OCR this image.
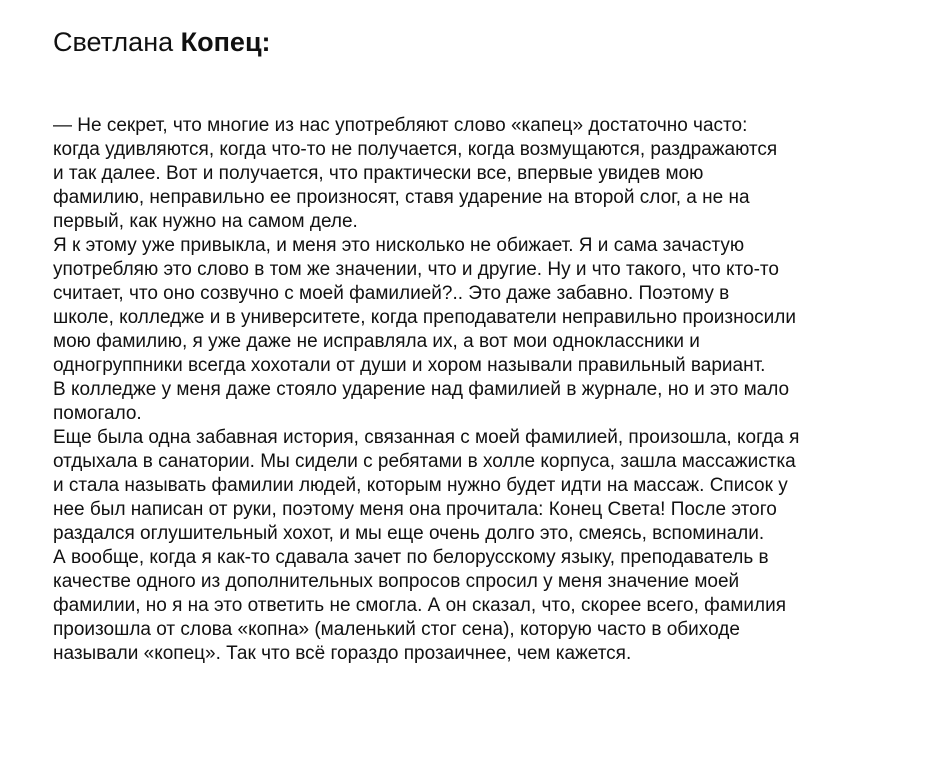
Светлана Копец:

— Не секрет, что многие из нас употребляют слово «капец» достаточно часто:
когда удивляются, когда что-то не получается, когда возмущаются, раздражаются
и так далее. Вот и получается, что практически все, впервые увидев мою
фамилию, неправильно ее произносят, ставя ударение на второй слог, а не на
первый, как нужно на самом деле.

Я к этому уже привыкла, и меня это нисколько не обижает. Я и сама зачастую
употребляю это слово в том же значении, что и другие. Ну и что такого, что кто-то
считает, что оно созвучно с моей фамилией?.. Это даже забавно. Поэтому в
школе, колледже и в университете, когда преподаватели неправильно произносили
мою фамилию, я уже даже не исправляла их, а вот мои одноклассники и
одногруппники всегда хохотали от души и хором называли правильный вариант.

В колледже у меня даже стояло ударение над фамилией в журнале, но и это мало
помогало.

Еще была одна забавная история, связанная с моей фамилией, произошла, когда я
отдыхала в санатории. Мы сидели с ребятами в холле корпуса, зашла массажистка
и стала называть фамилии людей, которым нужно будет идти на массаж. Список у
нее был написан от руки, поэтому меня она прочитала: Конец Света! После этого
раздался оглушительный хохот, и мы еще очень долго это, смеясь, вспоминали.

А вообще, когда я как-то сдавала зачет по белорусскому языку, преподаватель в
качестве одного из дополнительных вопросов спросил у меня значение моей
фамилии, но я на это ответить не смогла. А он сказал, что, скорее всего, фамилия
произошла от слова «копна» (маленький стог сена), которую часто в обиходе
называли «копец». Так что всё гораздо прозаичнее, чем кажется.
